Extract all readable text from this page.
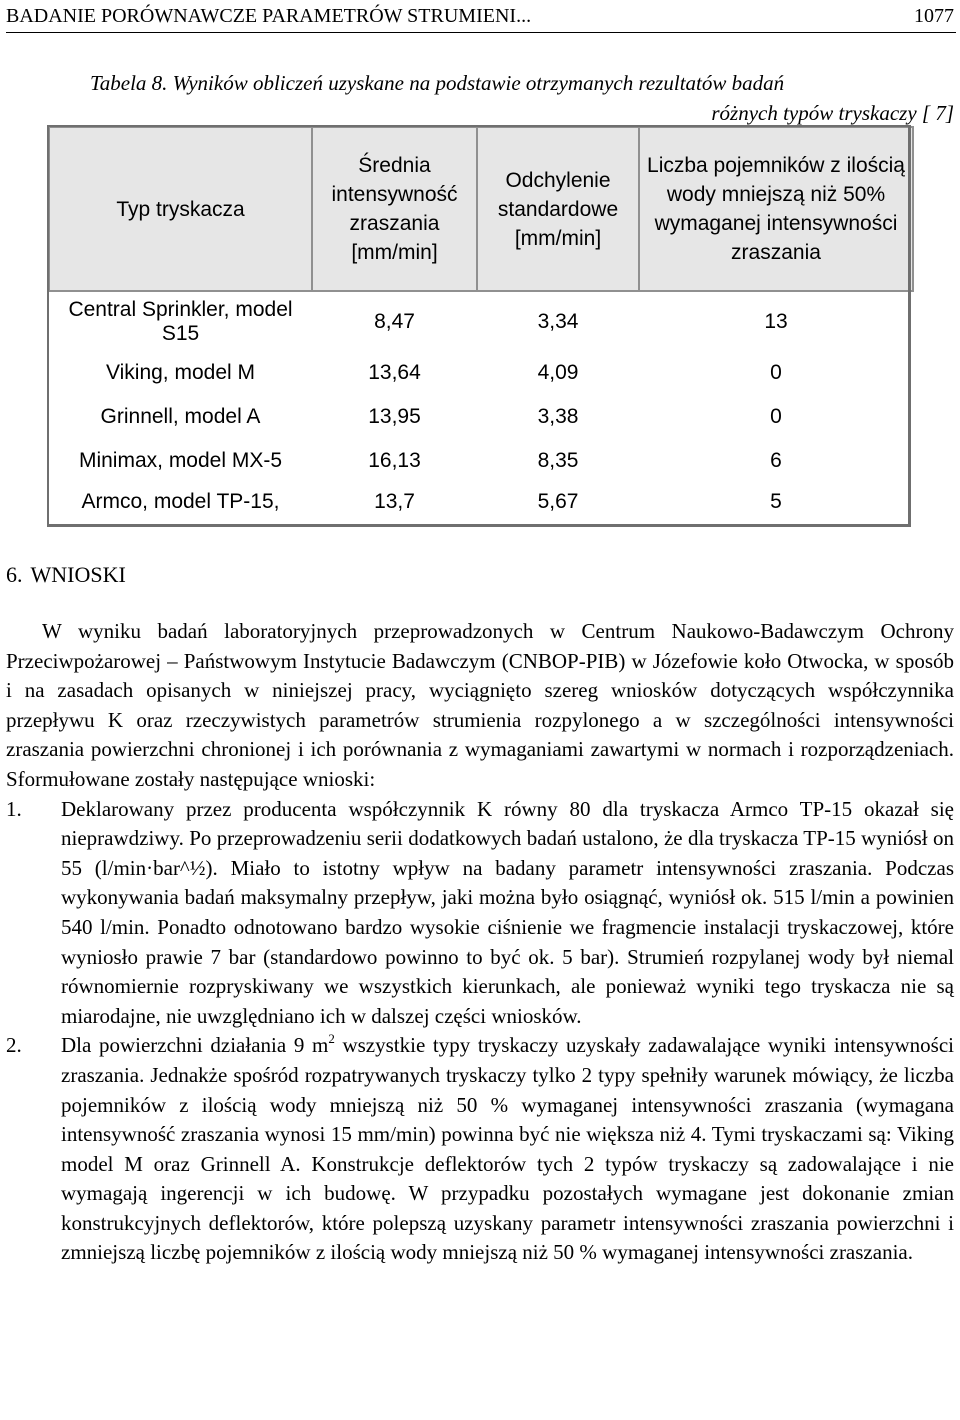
BADANIE PORÓWNAWCZE PARAMETRÓW STRUMIENI...	1077
Tabela 8. Wyników obliczeń uzyskane na podstawie otrzymanych rezultatów badań
różnych typów tryskaczy [ 7]
Typ tryskacza	Średnia intensywność zraszania [mm/min]	Odchylenie standardowe [mm/min]	Liczba pojemników z ilością wody mniejszą niż 50% wymaganej intensywności zraszania
Central Sprinkler, model S15	8,47	3,34	13
Viking, model M	13,64	4,09	0
Grinnell, model A	13,95	3,38	0
Minimax, model MX-5	16,13	8,35	6
Armco, model TP-15,	13,7	5,67	5
6. WNIOSKI

W wyniku badań laboratoryjnych przeprowadzonych w Centrum Naukowo-Badawczym Ochrony Przeciwpożarowej – Państwowym Instytucie Badawczym (CNBOP-PIB) w Józefowie koło Otwocka, w sposób i na zasadach opisanych w niniejszej pracy, wyciągnięto szereg wniosków dotyczących współczynnika przepływu K oraz rzeczywistych parametrów strumienia rozpylonego a w szczególności intensywności zraszania powierzchni chronionej i ich porównania z wymaganiami zawartymi w normach i rozporządzeniach. Sformułowane zostały następujące wnioski:

1. Deklarowany przez producenta współczynnik K równy 80 dla tryskacza Armco TP-15 okazał się nieprawdziwy. Po przeprowadzeniu serii dodatkowych badań ustalono, że dla tryskacza TP-15 wyniósł on 55 (l/min·bar^½). Miało to istotny wpływ na badany parametr intensywności zraszania. Podczas wykonywania badań maksymalny przepływ, jaki można było osiągnąć, wyniósł ok. 515 l/min a powinien 540 l/min. Ponadto odnotowano bardzo wysokie ciśnienie we fragmencie instalacji tryskaczowej, które wyniosło prawie 7 bar (standardowo powinno to być ok. 5 bar). Strumień rozpylanej wody był niemal równomiernie rozpryskiwany we wszystkich kierunkach, ale ponieważ wyniki tego tryskacza nie są miarodajne, nie uwzględniano ich w dalszej części wniosków.
2. Dla powierzchni działania 9 $m^2$ wszystkie typy tryskaczy uzyskały zadawalające wyniki intensywności zraszania. Jednakże spośród rozpatrywanych tryskaczy tylko 2 typy spełniły warunek mówiący, że liczba pojemników z ilością wody mniejszą niż 50 % wymaganej intensywności zraszania (wymagana intensywność zraszania wynosi 15 mm/min) powinna być nie większa niż 4. Tymi tryskaczami są: Viking model M oraz Grinnell A. Konstrukcje deflektorów tych 2 typów tryskaczy są zadowalające i nie wymagają ingerencji w ich budowę. W przypadku pozostałych wymagane jest dokonanie zmian konstrukcyjnych deflektorów, które polepszą uzyskany parametr intensywności zraszania powierzchni i zmniejszą liczbę pojemników z ilością wody mniejszą niż 50 % wymaganej intensywności zraszania.
